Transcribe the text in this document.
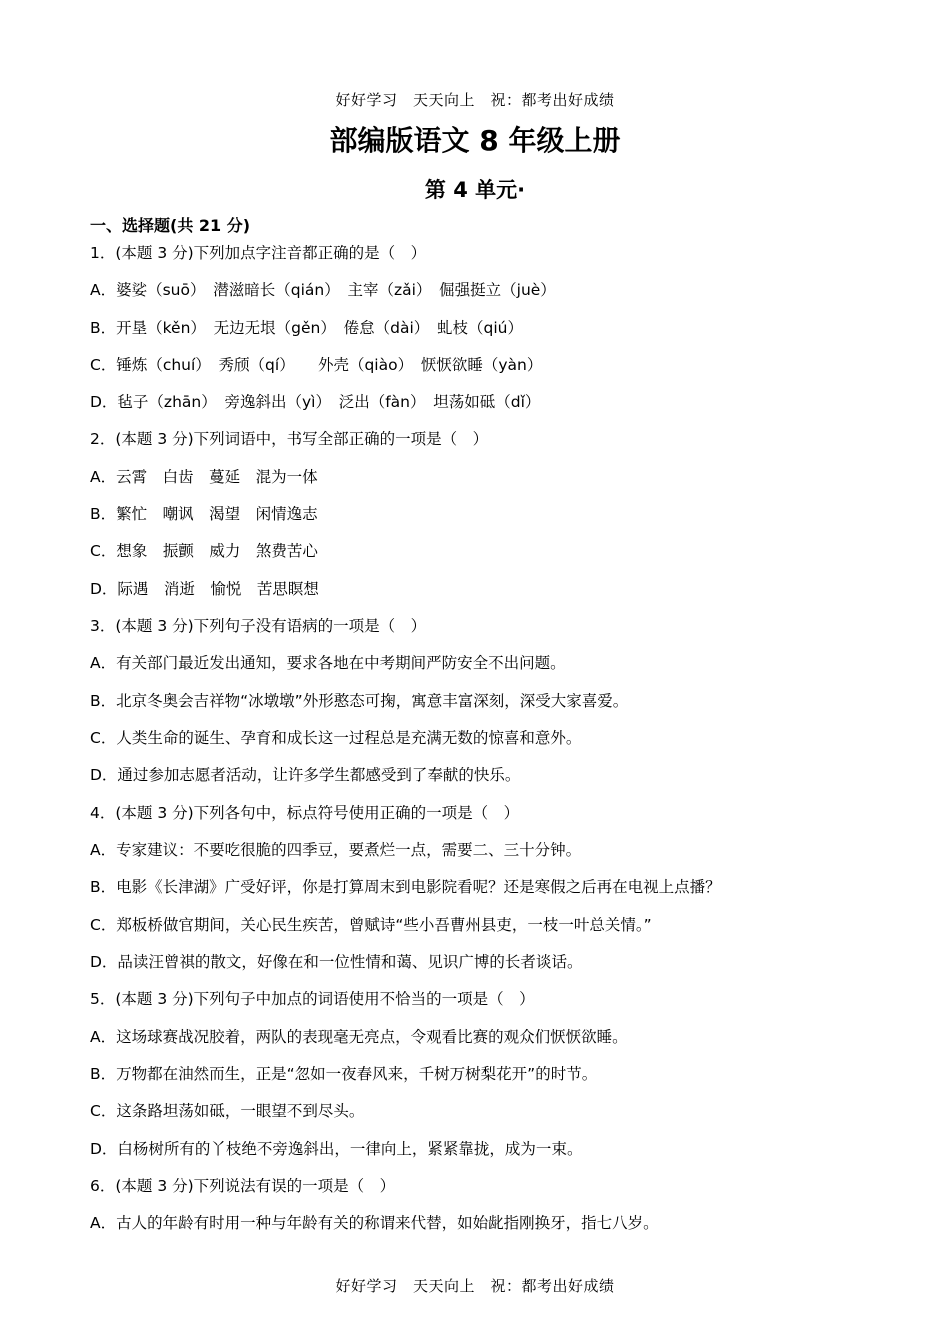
好好学习　天天向上　祝：都考出好成绩
部编版语文 8 年级上册
第 4 单元·
一、选择题(共 21 分)
1．(本题 3 分)下列加点字注音都正确的是（　）
A．婆娑（suō）　潜滋暗长（qián）　主宰（zǎi）　倔强挺立（juè）
B．开垦（kěn）　无边无垠（gěn）　倦怠（dài）　虬枝（qiú）
C．锤炼（chuí）　秀颀（qí）　　外壳（qiào）　恹恹欲睡（yàn）
D．毡子（zhān）　旁逸斜出（yì）　泛出（fàn）　坦荡如砥（dǐ）
2．(本题 3 分)下列词语中，书写全部正确的一项是（　）
A．云霄　白齿　蔓延　混为一体
B．繁忙　嘲讽　渴望　闲情逸志
C．想象　振颤　威力　煞费苦心
D．际遇　消逝　愉悦　苦思瞑想
3．(本题 3 分)下列句子没有语病的一项是（　）
A．有关部门最近发出通知，要求各地在中考期间严防安全不出问题。
B．北京冬奥会吉祥物“冰墩墩”外形憨态可掬，寓意丰富深刻，深受大家喜爱。
C．人类生命的诞生、孕育和成长这一过程总是充满无数的惊喜和意外。
D．通过参加志愿者活动，让许多学生都感受到了奉献的快乐。
4．(本题 3 分)下列各句中，标点符号使用正确的一项是（　）
A．专家建议：不要吃很脆的四季豆，要煮烂一点，需要二、三十分钟。
B．电影《长津湖》广受好评，你是打算周末到电影院看呢？还是寒假之后再在电视上点播？
C．郑板桥做官期间，关心民生疾苦，曾赋诗“些小吾曹州县吏，一枝一叶总关情。”
D．品读汪曾祺的散文，好像在和一位性情和蔼、见识广博的长者谈话。
5．(本题 3 分)下列句子中加点的词语使用不恰当的一项是（　）
A．这场球赛战况胶着，两队的表现毫无亮点，令观看比赛的观众们恹恹欲睡。
B．万物都在油然而生，正是“忽如一夜春风来，千树万树梨花开”的时节。
C．这条路坦荡如砥，一眼望不到尽头。
D．白杨树所有的丫枝绝不旁逸斜出，一律向上，紧紧靠拢，成为一束。
6．(本题 3 分)下列说法有误的一项是（　）
A．古人的年龄有时用一种与年龄有关的称谓来代替，如始龀指刚换牙，指七八岁。
好好学习　天天向上　祝：都考出好成绩
